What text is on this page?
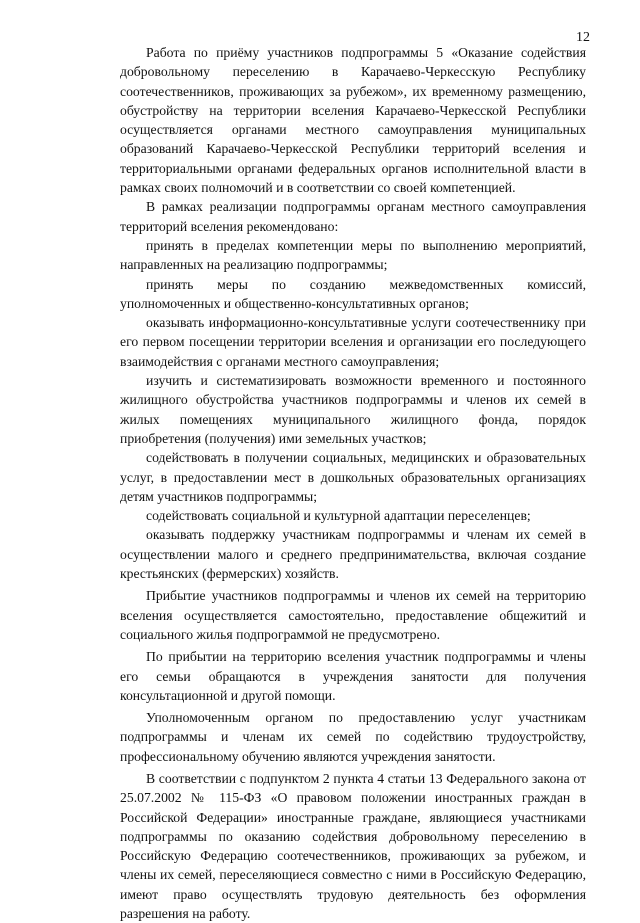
12

Работа по приёму участников подпрограммы 5 «Оказание содействия добровольному переселению в Карачаево-Черкесскую Республику соотечественников, проживающих за рубежом», их временному размещению, обустройству на территории вселения Карачаево-Черкесской Республики осуществляется органами местного самоуправления муниципальных образований Карачаево-Черкесской Республики территорий вселения и территориальными органами федеральных органов исполнительной власти в рамках своих полномочий и в соответствии со своей компетенцией.

В рамках реализации подпрограммы органам местного самоуправления территорий вселения рекомендовано:

принять в пределах компетенции меры по выполнению мероприятий, направленных на реализацию подпрограммы;

принять меры по созданию межведомственных комиссий, уполномоченных и общественно-консультативных органов;

оказывать информационно-консультативные услуги соотечественнику при его первом посещении территории вселения и организации его последующего взаимодействия с органами местного самоуправления;

изучить и систематизировать возможности временного и постоянного жилищного обустройства участников подпрограммы и членов их семей в жилых помещениях муниципального жилищного фонда, порядок приобретения (получения) ими земельных участков;

содействовать в получении социальных, медицинских и образовательных услуг, в предоставлении мест в дошкольных образовательных организациях детям участников подпрограммы;

содействовать социальной и культурной адаптации переселенцев;

оказывать поддержку участникам подпрограммы и членам их семей в осуществлении малого и среднего предпринимательства, включая создание крестьянских (фермерских) хозяйств.

Прибытие участников подпрограммы и членов их семей на территорию вселения осуществляется самостоятельно, предоставление общежитий и социального жилья подпрограммой не предусмотрено.

По прибытии на территорию вселения участник подпрограммы и члены его семьи обращаются в учреждения занятости для получения консультационной и другой помощи.

Уполномоченным органом по предоставлению услуг участникам подпрограммы и членам их семей по содействию трудоустройству, профессиональному обучению являются учреждения занятости.

В соответствии с подпунктом 2 пункта 4 статьи 13 Федерального закона от 25.07.2002 № 115-ФЗ «О правовом положении иностранных граждан в Российской Федерации» иностранные граждане, являющиеся участниками подпрограммы по оказанию содействия добровольному переселению в Российскую Федерацию соотечественников, проживающих за рубежом, и члены их семей, переселяющиеся совместно с ними в Российскую Федерацию, имеют право осуществлять трудовую деятельность без оформления разрешения на работу.
